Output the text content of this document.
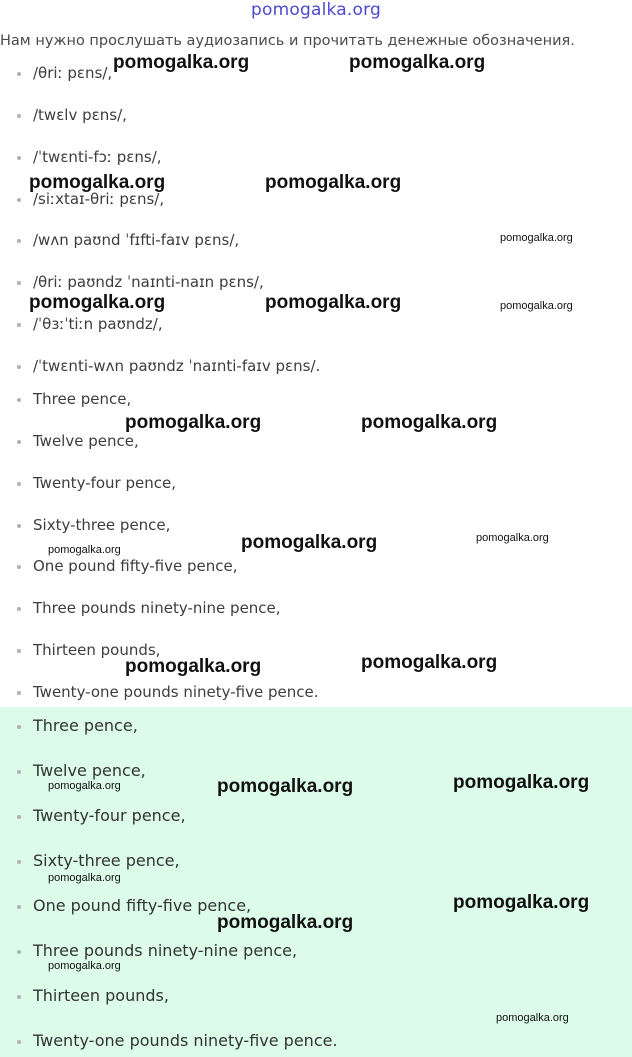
pomogalka.org
Нам нужно прослушать аудиозапись и прочитать денежные обозначения.
/θriː pɛns/,
/twɛlv pɛns/,
/ˈtwɛnti-fɔː pɛns/,
/siːxtaɪ-θriː pɛns/,
/wʌn paʊnd ˈfɪfti-faɪv pɛns/,
/θriː paʊndz ˈnaɪnti-naɪn pɛns/,
/ˈθɜːˈtiːn paʊndz/,
/ˈtwɛnti-wʌn paʊndz ˈnaɪnti-faɪv pɛns/.
Three pence,
Twelve pence,
Twenty-four pence,
Sixty-three pence,
One pound fifty-five pence,
Three pounds ninety-nine pence,
Thirteen pounds,
Twenty-one pounds ninety-five pence.
Three pence,
Twelve pence,
Twenty-four pence,
Sixty-three pence,
One pound fifty-five pence,
Three pounds ninety-nine pence,
Thirteen pounds,
Twenty-one pounds ninety-five pence.
pomogalka.org	pomogalka.org
pomogalka.org	pomogalka.org
pomogalka.org
pomogalka.org	pomogalka.org	pomogalka.org
pomogalka.org	pomogalka.org
pomogalka.org
pomogalka.org	pomogalka.org
pomogalka.org	pomogalka.org
pomogalka.org
pomogalka.org	pomogalka.org
pomogalka.org
pomogalka.org
pomogalka.org
pomogalka.org
pomogalka.org
